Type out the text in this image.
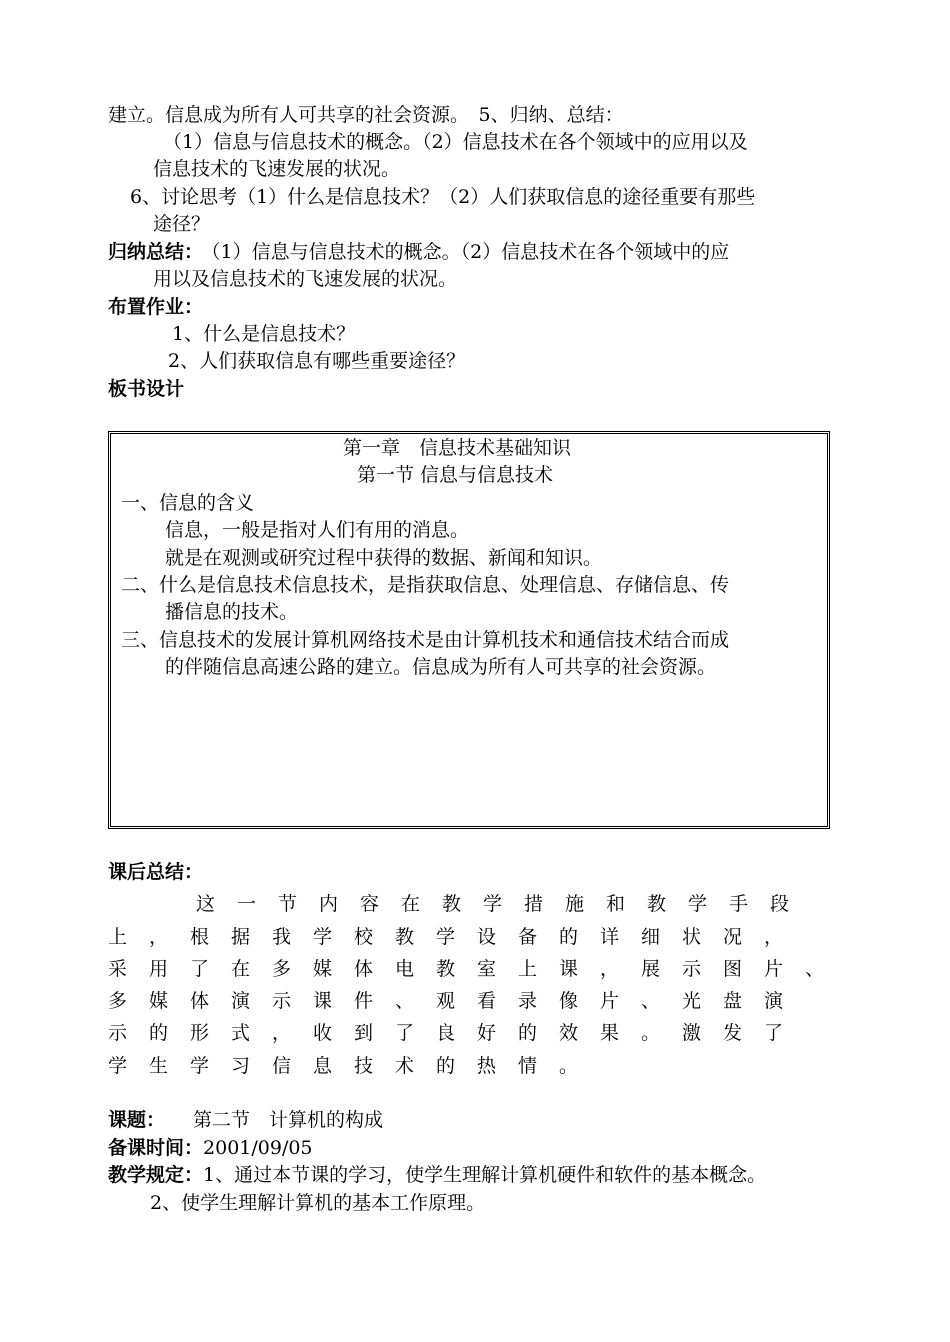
建立。信息成为所有人可共享的社会资源。　5、归纳、总结：
（1）信息与信息技术的概念。（2）信息技术在各个领域中的应用以及
信息技术的飞速发展的状况。
6、讨论思考（1）什么是信息技术？（2）人们获取信息的途径重要有那些
途径？
归纳总结： （1）信息与信息技术的概念。（2）信息技术在各个领域中的应
用以及信息技术的飞速发展的状况。
布置作业：
1、什么是信息技术？
2、人们获取信息有哪些重要途径？
板书设计
第一章　信息技术基础知识
第一节 信息与信息技术
一、信息的含义
信息，一般是指对人们有用的消息。
就是在观测或研究过程中获得的数据、新闻和知识。
二、什么是信息技术信息技术，是指获取信息、处理信息、存储信息、传
播信息的技术。
三、信息技术的发展计算机网络技术是由计算机技术和通信技术结合而成
的伴随信息高速公路的建立。信息成为所有人可共享的社会资源。
课后总结：
这一节内容在教学措施和教学手段
上，根据我学校教学设备的详细状况，
采用了在多媒体电教室上课，展示图片、
多媒体演示课件、观看录像片、光盘演
示的形式，收到了良好的效果。激发了
学生学习信息技术的热情。
课题： 第二节　计算机的构成
备课时间：2001/09/05
教学规定：1、通过本节课的学习，使学生理解计算机硬件和软件的基本概念。
2、使学生理解计算机的基本工作原理。
